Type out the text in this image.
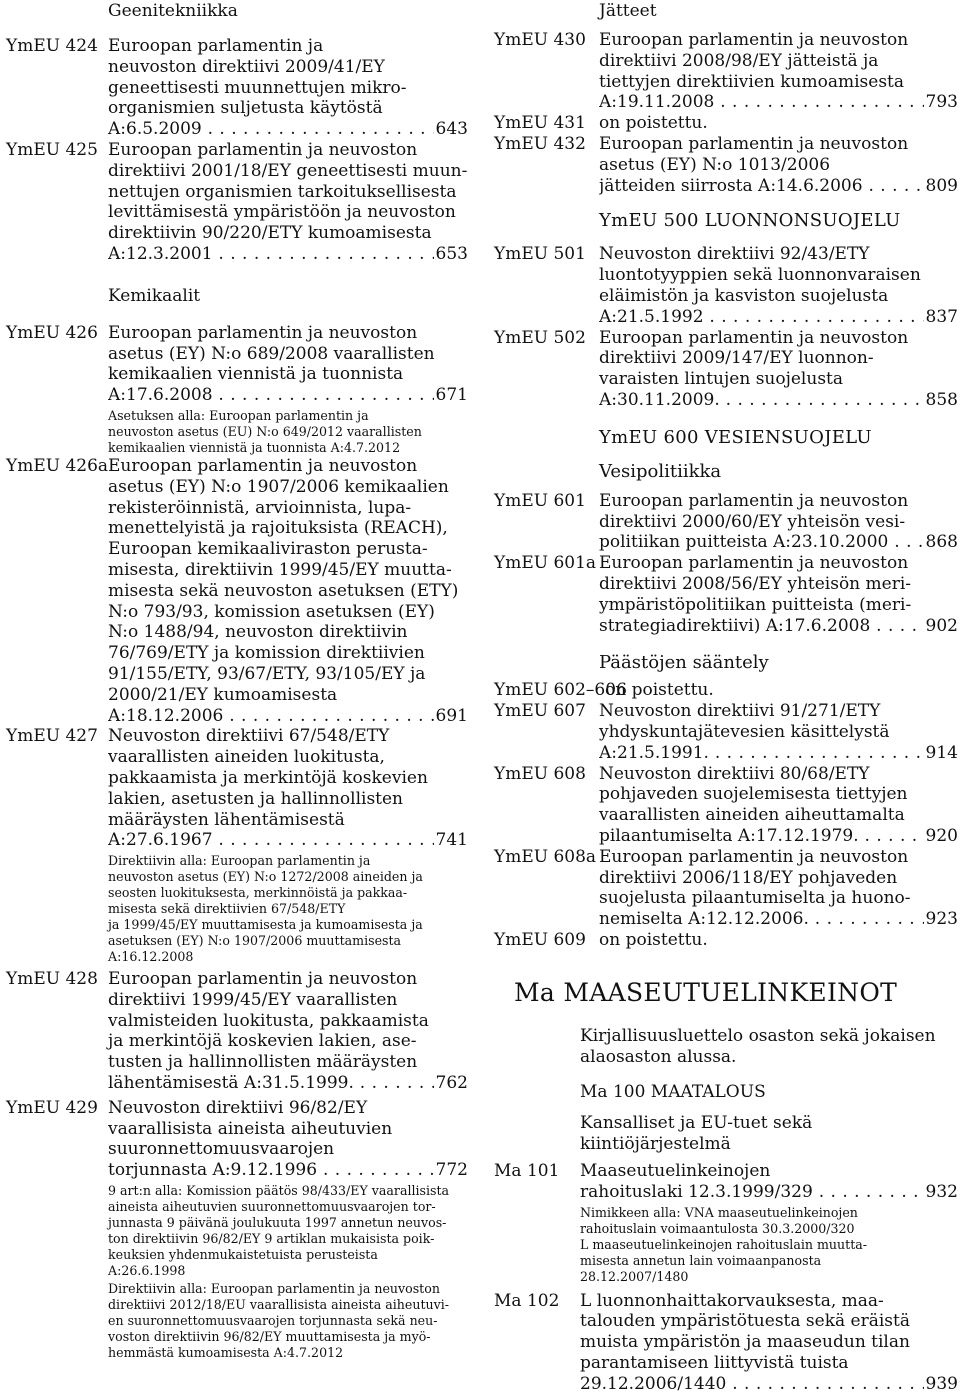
Geenitekniikka
YmEU 424 Euroopan parlamentin ja
neuvoston direktiivi 2009/41/EY
geneettisesti muunnettujen mikro-
organismien suljetusta käytöstä
A:6.5.2009 . . .	643
YmEU 425 Euroopan parlamentin ja neuvoston
direktiivi 2001/18/EY geneettisesti muun-
nettujen organismien tarkoituksellisesta
levittämisestä ympäristöön ja neuvoston
direktiivin 90/220/ETY kumoamisesta
A:12.3.2001 . . .	653
Kemikaalit
YmEU 426 Euroopan parlamentin ja neuvoston
asetus (EY) N:o 689/2008 vaarallisten
kemikaalien viennistä ja tuonnista
A:17.6.2008 . . .	671
Asetuksen alla: Euroopan parlamentin ja
neuvoston asetus (EU) N:o 649/2012 vaarallisten
kemikaalien viennistä ja tuonnista A:4.7.2012
YmEU 426a Euroopan parlamentin ja neuvoston
asetus (EY) N:o 1907/2006 kemikaalien
rekisteröinnistä, arvioinnista, lupa-
menettelyistä ja rajoituksista (REACH),
Euroopan kemikaaliviraston perusta-
misesta, direktiivin 1999/45/EY muutta-
misesta sekä neuvoston asetuksen (ETY)
N:o 793/93, komission asetuksen (EY)
N:o 1488/94, neuvoston direktiivin
76/769/ETY ja komission direktiivien
91/155/ETY, 93/67/ETY, 93/105/EY ja
2000/21/EY kumoamisesta
A:18.12.2006 . . .	691
YmEU 427 Neuvoston direktiivi 67/548/ETY
vaarallisten aineiden luokitusta,
pakkaamista ja merkintöjä koskevien
lakien, asetusten ja hallinnollisten
määräysten lähentämisestä
A:27.6.1967 . . .	741
Direktiivin alla: Euroopan parlamentin ja
neuvoston asetus (EY) N:o 1272/2008 aineiden ja
seosten luokituksesta, merkinnöistä ja pakkaa-
misesta sekä direktiivien 67/548/ETY
ja 1999/45/EY muuttamisesta ja kumoamisesta ja
asetuksen (EY) N:o 1907/2006 muuttamisesta
A:16.12.2008
YmEU 428 Euroopan parlamentin ja neuvoston
direktiivi 1999/45/EY vaarallisten
valmisteiden luokitusta, pakkaamista
ja merkintöjä koskevien lakien, ase-
tusten ja hallinnollisten määräysten
lähentämisestä A:31.5.1999. . . .	762
YmEU 429 Neuvoston direktiivi 96/82/EY
vaarallisista aineista aiheutuvien
suuronnettomuusvaarojen
torjunnasta A:9.12.1996 . . .	772
9 art:n alla: Komission päätös 98/433/EY vaarallisista
aineista aiheutuvien suuronnettomuusvaarojen tor-
junnasta 9 päivänä joulukuuta 1997 annetun neuvos-
ton direktiivin 96/82/EY 9 artiklan mukaisista poik-
keuksien yhdenmukaistetuista perusteista
A:26.6.1998
Direktiivin alla: Euroopan parlamentin ja neuvoston
direktiivi 2012/18/EU vaarallisista aineista aiheutuvi-
en suuronnettomuusvaarojen torjunnasta sekä neu-
voston direktiivin 96/82/EY muuttamisesta ja myö-
hemmästä kumoamisesta A:4.7.2012
Jätteet
YmEU 430 Euroopan parlamentin ja neuvoston
direktiivi 2008/98/EY jätteistä ja
tiettyjen direktiivien kumoamisesta
A:19.11.2008 . . .	793
YmEU 431 on poistettu.
YmEU 432 Euroopan parlamentin ja neuvoston
asetus (EY) N:o 1013/2006
jätteiden siirrosta A:14.6.2006 . . .	809
YmEU 500 LUONNONSUOJELU
YmEU 501 Neuvoston direktiivi 92/43/ETY
luontotyyppien sekä luonnonvaraisen
eläimistön ja kasviston suojelusta
A:21.5.1992 . . .	837
YmEU 502 Euroopan parlamentin ja neuvoston
direktiivi 2009/147/EY luonnon-
varaisten lintujen suojelusta
A:30.11.2009. . . .	858
YmEU 600 VESIENSUOJELU
Vesipolitiikka
YmEU 601 Euroopan parlamentin ja neuvoston
direktiivi 2000/60/EY yhteisön vesi-
politiikan puitteista A:23.10.2000 . . .	868
YmEU 601a Euroopan parlamentin ja neuvoston
direktiivi 2008/56/EY yhteisön meri-
ympäristöpolitiikan puitteista (meri-
strategiadirektiivi) A:17.6.2008 . . .	902
Päästöjen sääntely
YmEU 602–606
on poistettu.
YmEU 607 Neuvoston direktiivi 91/271/ETY
yhdyskuntajätevesien käsittelystä
A:21.5.1991. . . .	914
YmEU 608 Neuvoston direktiivi 80/68/ETY
pohjaveden suojelemisesta tiettyjen
vaarallisten aineiden aiheuttamalta
pilaantumiselta A:17.12.1979. . . .	920
YmEU 608a Euroopan parlamentin ja neuvoston
direktiivi 2006/118/EY pohjaveden
suojelusta pilaantumiselta ja huono-
nemiselta A:12.12.2006. . . .	923
YmEU 609 on poistettu.
Ma MAASEUTUELINKEINOT
Kirjallisuusluettelo osaston sekä jokaisen
alaosaston alussa.
Ma 100 MAATALOUS
Kansalliset ja EU-tuet sekä
kiintiöjärjestelmä
Ma 101	Maaseutuelinkeinojen
rahoituslaki 12.3.1999/329 . . .	932
Nimikkeen alla: VNA maaseutuelinkeinojen
rahoituslain voimaantulosta 30.3.2000/320
L maaseutuelinkeinojen rahoituslain muutta-
misesta annetun lain voimaanpanosta
28.12.2007/1480
Ma 102	L luonnonhaittakorvauksesta, maa-
talouden ympäristötuesta sekä eräistä
muista ympäristön ja maaseudun tilan
parantamiseen liittyvistä tuista
29.12.2006/1440 . . .	939
